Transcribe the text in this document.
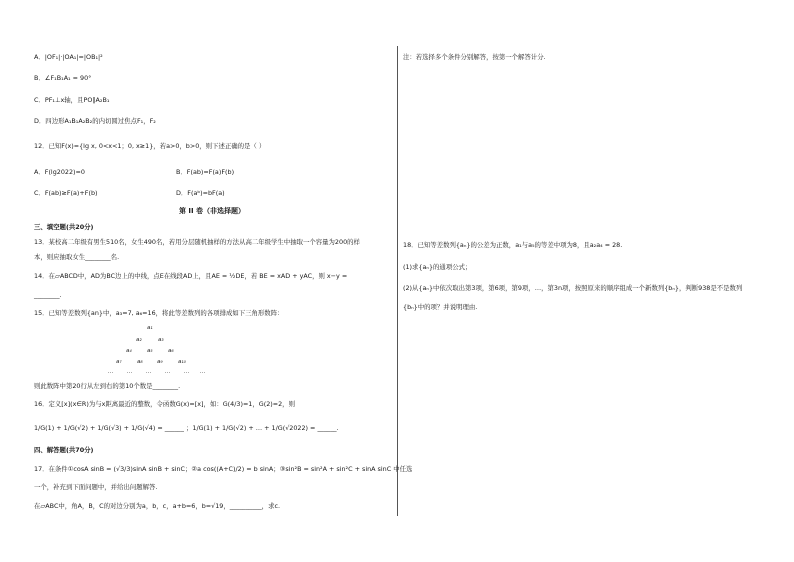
A．|OF₁|·|OA₁|=|OB₁|²
B．∠F₁B₁A₁ = 90°
C．PF₁⊥x轴，且PO∥A₂B₁
D．四边形A₁B₁A₂B₂的内切圆过焦点F₁，F₂
12．已知F(x)={lg x, 0<x<1；0, x≥1}，若a>0，b>0，则下述正确的是（ ）
A．F(lg2022)=0	B．F(ab)=F(a)F(b)
C．F(ab)≥F(a)+F(b)	D．F(aᵇ)=bF(a)
第 II 卷（非选择题）
三、填空题(共20分)
13．某校高二年级有男生510名，女生490名，若用分层随机抽样的方法从高二年级学生中抽取一个容量为200的样
本，则应抽取女生________名.
14．在▱ABCD中，AD为BC边上的中线，点E在线段AD上，且AE = ½DE，若 BE = xAD + yAC，则 x−y =
________.
15．已知等差数列{an}中，a₃=7, a₆=16，将此等差数列的各项排成如下三角形数阵：
a₁
a₂	a₃
a₄	a₅	a₆
a₇	a₈	a₉	a₁₀
… … … … … …
则此数阵中第20行从左到右的第10个数是________.
16．定义[x](x∈R)为与x距离最近的整数，令函数G(x)=[x]，如：G(4/3)=1，G(2)=2，则
1/G(1) + 1/G(√2) + 1/G(√3) + 1/G(√4) = ______ ；1/G(1) + 1/G(√2) + … + 1/G(√2022) = ______.
四、解答题(共70分)
17．在条件①cosA sinB = (√3/3)sinA sinB + sinC；②a cos((A+C)/2) = b sinA；③sin²B = sin²A + sin²C + sinA sinC 中任选
一个，补充到下面问题中，并给出问题解答.
在▱ABC中，角A，B，C的对边分别为a，b，c，a+b=6，b=√19，__________，求c.
注：若选择多个条件分别解答，按第一个解答计分.
18．已知等差数列{aₙ}的公差为正数，a₁与a₅的等差中项为8，且a₂a₄ = 28.
(1)求{aₙ}的通项公式；
(2)从{aₙ}中依次取出第3项，第6项，第9项，…，第3n项，按照原来的顺序组成一个新数列{bₙ}，判断938是不是数列
{bₙ}中的项？并说明理由.
